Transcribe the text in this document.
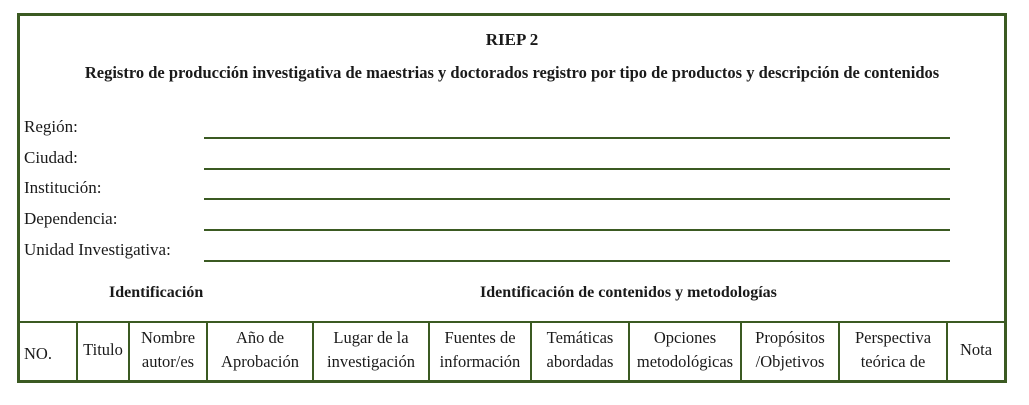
RIEP 2
Registro de producción investigativa de maestrias y doctorados registro por tipo de productos y descripción de contenidos
Región:
Ciudad:
Institución:
Dependencia:
Unidad Investigativa:
Identificación	Identificación de contenidos y metodologías
NO.	Titulo
Nombre autor/es
Año de Aprobación
Lugar de la investigación
Fuentes de información
Temáticas abordadas
Opciones metodológicas
Propósitos /Objetivos
Perspectiva teórica de
Nota
